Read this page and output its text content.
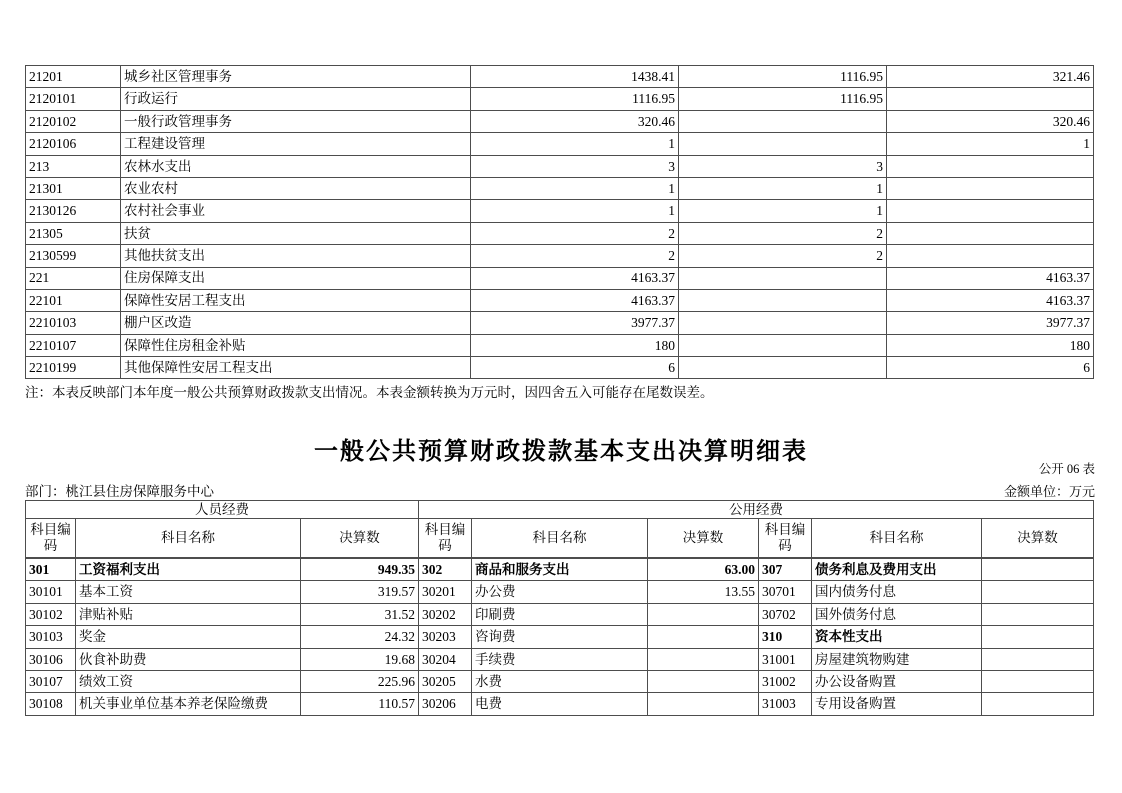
21201	城乡社区管理事务	1438.41	1116.95	321.46
2120101	行政运行	1116.95	1116.95	
2120102	一般行政管理事务	320.46		320.46
2120106	工程建设管理	1		1
213	农林水支出	3	3	
21301	农业农村	1	1	
2130126	农村社会事业	1	1	
21305	扶贫	2	2	
2130599	其他扶贫支出	2	2	
221	住房保障支出	4163.37		4163.37
22101	保障性安居工程支出	4163.37		4163.37
2210103	棚户区改造	3977.37		3977.37
2210107	保障性住房租金补贴	180		180
2210199	其他保障性安居工程支出	6		6
注：本表反映部门本年度一般公共预算财政拨款支出情况。本表金额转换为万元时，因四舍五入可能存在尾数误差。
一般公共预算财政拨款基本支出决算明细表
公开 06 表
部门：桃江县住房保障服务中心	金额单位：万元
人员经费			公用经费					
科目编码	科目名称	决算数	科目编码	科目名称	决算数	科目编码	科目名称	决算数
301	工资福利支出	949.35	302	商品和服务支出	63.00	307	债务利息及费用支出	
30101	基本工资	319.57	30201	办公费	13.55	30701	国内债务付息	
30102	津贴补贴	31.52	30202	印刷费		30702	国外债务付息	
30103	奖金	24.32	30203	咨询费		310	资本性支出	
30106	伙食补助费	19.68	30204	手续费		31001	房屋建筑物购建	
30107	绩效工资	225.96	30205	水费		31002	办公设备购置	
30108	机关事业单位基本养老保险缴费	110.57	30206	电费		31003	专用设备购置	
